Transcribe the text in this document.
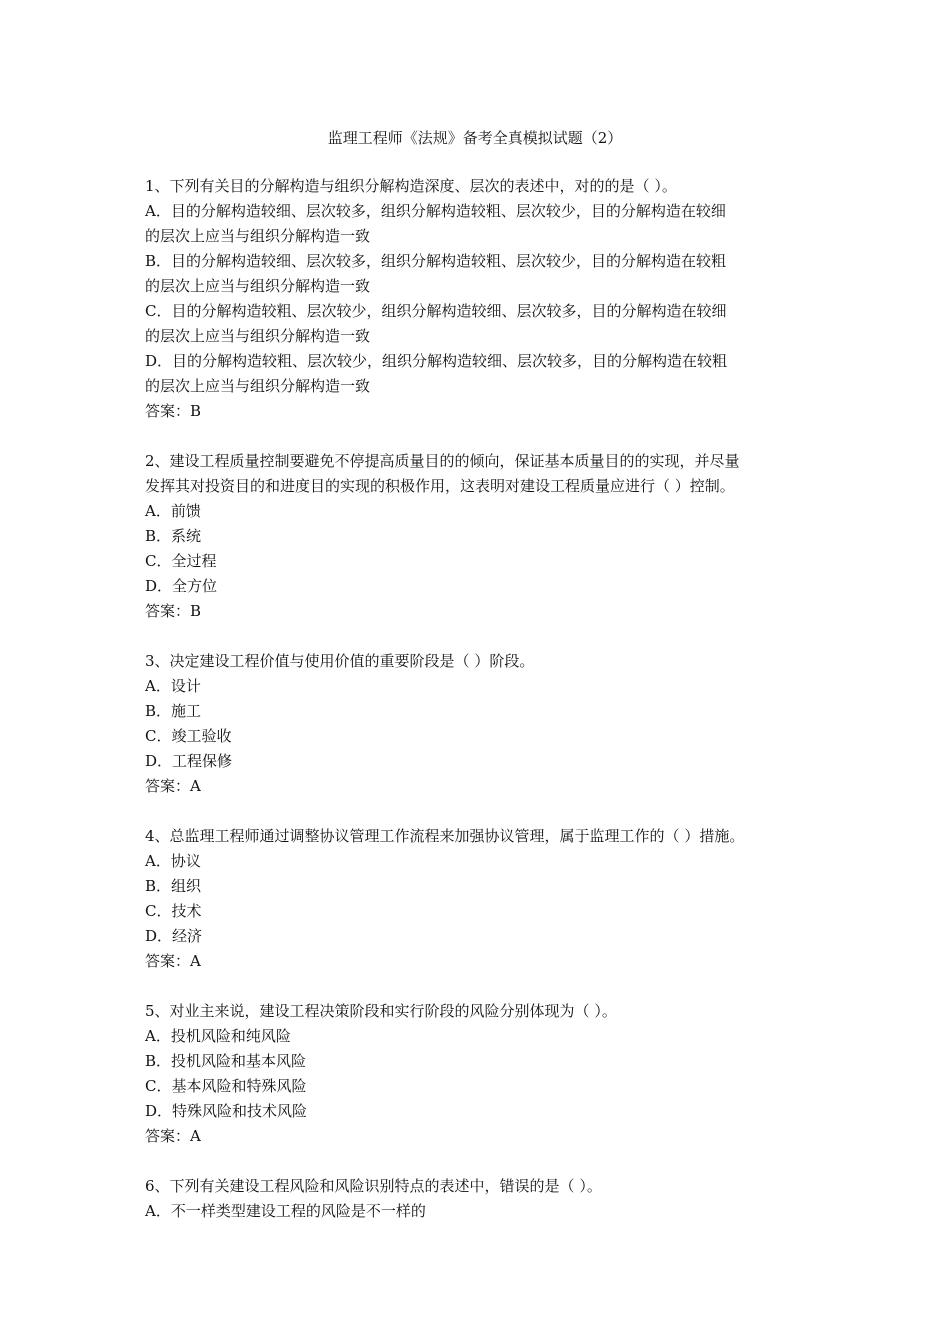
监理工程师《法规》备考全真模拟试题（2）

1、下列有关目的分解构造与组织分解构造深度、层次的表述中，对的的是（ ）。

A．目的分解构造较细、层次较多，组织分解构造较粗、层次较少，目的分解构造在较细

的层次上应当与组织分解构造一致

B．目的分解构造较细、层次较多，组织分解构造较粗、层次较少，目的分解构造在较粗

的层次上应当与组织分解构造一致

C．目的分解构造较粗、层次较少，组织分解构造较细、层次较多，目的分解构造在较细

的层次上应当与组织分解构造一致

D．目的分解构造较粗、层次较少，组织分解构造较细、层次较多，目的分解构造在较粗

的层次上应当与组织分解构造一致

答案：B

2、建设工程质量控制要避免不停提高质量目的的倾向，保证基本质量目的的实现，并尽量

发挥其对投资目的和进度目的实现的积极作用，这表明对建设工程质量应进行（ ）控制。

A．前馈

B．系统

C．全过程

D．全方位

答案：B

3、决定建设工程价值与使用价值的重要阶段是（ ）阶段。

A．设计

B．施工

C．竣工验收

D．工程保修

答案：A

4、总监理工程师通过调整协议管理工作流程来加强协议管理，属于监理工作的（ ）措施。

A．协议

B．组织

C．技术

D．经济

答案：A

5、对业主来说，建设工程决策阶段和实行阶段的风险分别体现为（ ）。

A．投机风险和纯风险

B．投机风险和基本风险

C．基本风险和特殊风险

D．特殊风险和技术风险

答案：A

6、下列有关建设工程风险和风险识别特点的表述中，错误的是（ ）。

A．不一样类型建设工程的风险是不一样的
